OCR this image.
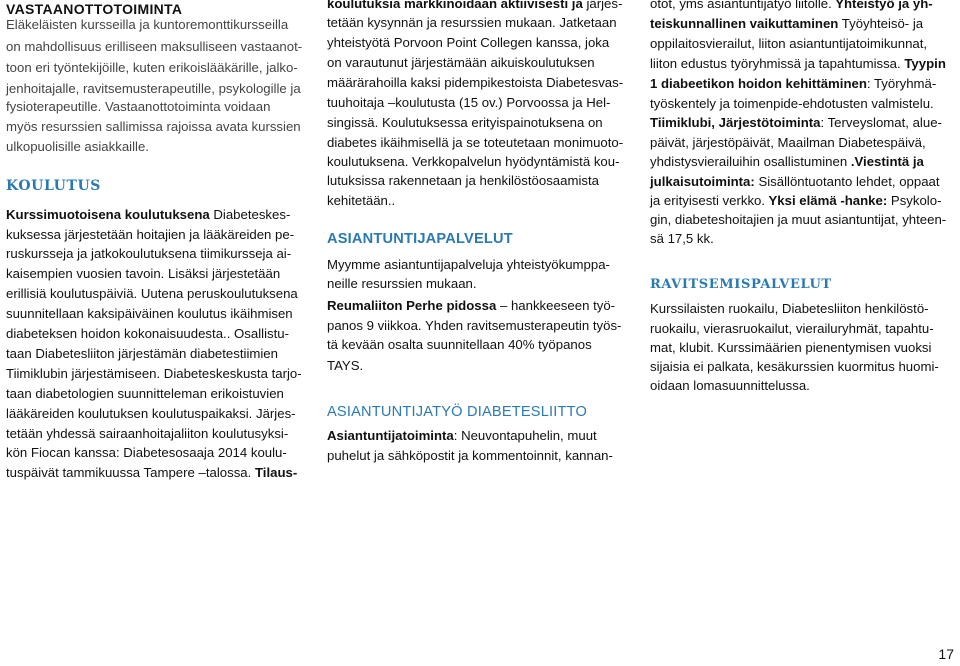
VASTAANOTTOTOIMINTA
Eläkeläisten kursseilla ja kuntoremonttikursseilla
on mahdollisuus erilliseen maksulliseen vastaanot-
toon eri työntekijöille, kuten erikoislääkärille, jalko-
jenhoitajalle, ravitsemusterapeutille, psykologille ja
fysioterapeutille. Vastaanottotoiminta voidaan
myös resurssien sallimissa rajoissa avata kurssien
ulkopuolisille asiakkaille.
KOULUTUS
Kurssimuotoisena koulutuksena Diabeteskes-
kuksessa järjestetään hoitajien ja lääkäreiden pe-
ruskursseja ja jatkokoulutuksena tiimikursseja ai-
kaisempien vuosien tavoin. Lisäksi järjestetään
erillisiä koulutuspäiviä. Uutena peruskoulutuksena
suunnitellaan kaksipäiväinen koulutus ikäihmisen
diabeteksen hoidon kokonaisuudesta.. Osallistu-
taan Diabetesliiton järjestämän diabetestiimien
Tiimiklubin järjestämiseen. Diabeteskeskusta tarjo-
taan diabetologien suunnitteleman erikoistuvien
lääkäreiden koulutuksen koulutuspaikaksi. Järjes-
tetään yhdessä sairaanhoitajaliiton koulutusyksi-
kön Fiocan kanssa: Diabetesosaaja 2014 koulu-
tuspäivät tammikuussa Tampere –talossa. Tilaus-
koulutuksia markkinoidaan aktiivisesti ja järjes-
tetään kysynnän ja resurssien mukaan. Jatketaan
yhteistyötä Porvoon Point Collegen kanssa, joka
on varautunut järjestämään aikuiskoulutuksen
määrärahoilla kaksi pidempikestoista Diabetesvas-
tuuhoitaja –koulutusta (15 ov.) Porvoossa ja Hel-
singissä. Koulutuksessa erityispainotuksena on
diabetes ikäihmisellä ja se toteutetaan monimuoto-
koulutuksena. Verkkopalvelun hyödyntämistä kou-
lutuksissa rakennetaan ja henkilöstöosaamista
kehitetään..
ASIANTUNTIJAPALVELUT
Myymme asiantuntijapalveluja yhteistyökumppa-
neille resurssien mukaan.
Reumaliiton Perhe pidossa – hankkeeseen työ-
panos 9 viikkoa. Yhden ravitsemusterapeutin työs-
tä kevään osalta suunnitellaan 40% työpanos
TAYS.
ASIANTUNTIJATYÖ DIABETESLIITTO
Asiantuntijatoiminta: Neuvontapuhelin, muut
puhelut ja sähköpostit ja kommentoinnit, kannan-
otot, yms asiantuntijatyö liitolle. Yhteistyö ja yh-
teiskunnallinen vaikuttaminen Työyhteisö- ja
oppilaitosvierailut, liiton asiantuntijatoimikunnat,
liiton edustus työryhmissä ja tapahtumissa. Tyypin
1 diabeetikon hoidon kehittäminen: Työryhmä-
työskentely ja toimenpide-ehdotusten valmistelu.
Tiimiklubi, Järjestötoiminta: Terveyslomat, alue-
päivät, järjestöpäivät, Maailman Diabetespäivä,
yhdistysvierailuihin osallistuminen .Viestintä ja
julkaisutoiminta: Sisällöntuotanto lehdet, oppaat
ja erityisesti verkko. Yksi elämä -hanke: Psykolo-
gin, diabeteshoitajien ja muut asiantuntijat, yhteen-
sä 17,5 kk.
RAVITSEMISPALVELUT
Kurssilaisten ruokailu, Diabetesliiton henkilöstö-
ruokailu, vierasruokailut, vierailuryhmät, tapahtu-
mat, klubit. Kurssimäärien pienentymisen vuoksi
sijaisia ei palkata, kesäkurssien kuormitus huomi-
oidaan lomasuunnittelussa.
17
